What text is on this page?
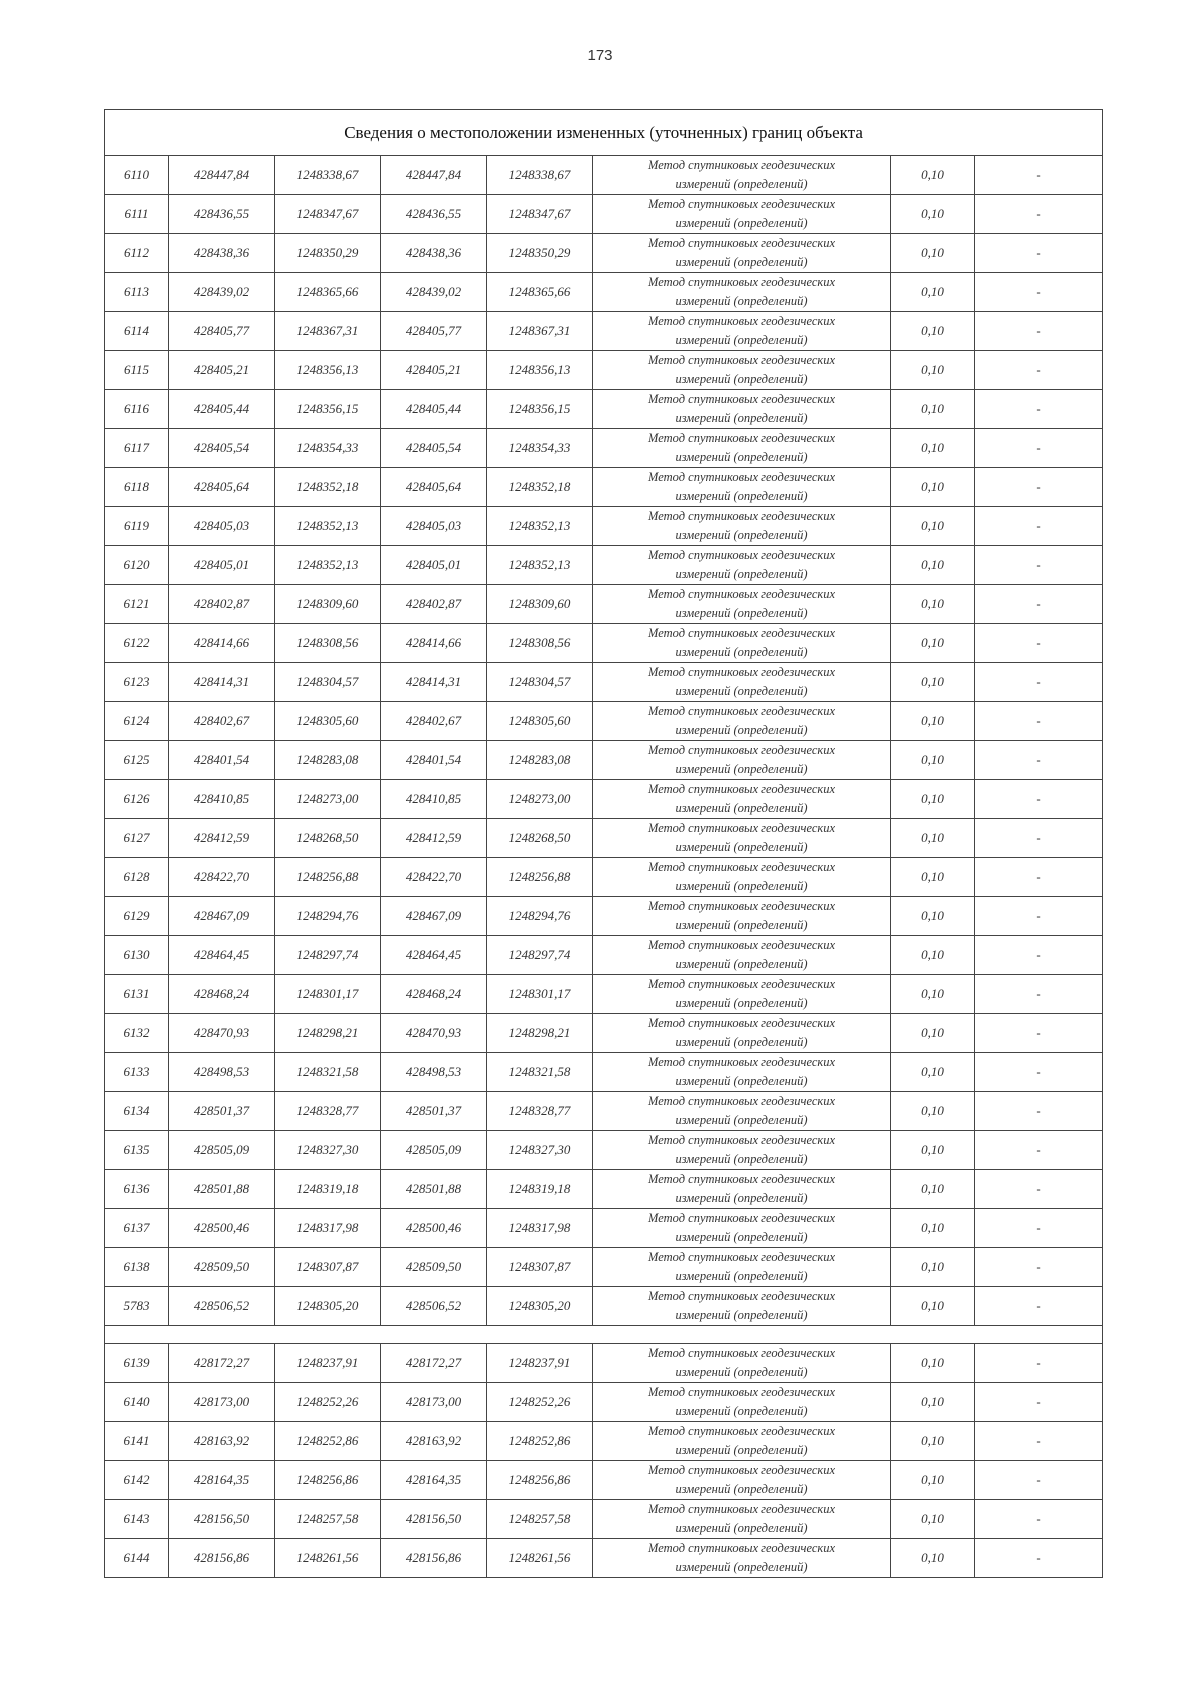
173
Сведения о местоположении измененных (уточненных) границ объекта							
6110	428447,84	1248338,67	428447,84	1248338,67	Метод спутниковых геодезических
измерений (определений)	0,10	-
6111	428436,55	1248347,67	428436,55	1248347,67	Метод спутниковых геодезических
измерений (определений)	0,10	-
6112	428438,36	1248350,29	428438,36	1248350,29	Метод спутниковых геодезических
измерений (определений)	0,10	-
6113	428439,02	1248365,66	428439,02	1248365,66	Метод спутниковых геодезических
измерений (определений)	0,10	-
6114	428405,77	1248367,31	428405,77	1248367,31	Метод спутниковых геодезических
измерений (определений)	0,10	-
6115	428405,21	1248356,13	428405,21	1248356,13	Метод спутниковых геодезических
измерений (определений)	0,10	-
6116	428405,44	1248356,15	428405,44	1248356,15	Метод спутниковых геодезических
измерений (определений)	0,10	-
6117	428405,54	1248354,33	428405,54	1248354,33	Метод спутниковых геодезических
измерений (определений)	0,10	-
6118	428405,64	1248352,18	428405,64	1248352,18	Метод спутниковых геодезических
измерений (определений)	0,10	-
6119	428405,03	1248352,13	428405,03	1248352,13	Метод спутниковых геодезических
измерений (определений)	0,10	-
6120	428405,01	1248352,13	428405,01	1248352,13	Метод спутниковых геодезических
измерений (определений)	0,10	-
6121	428402,87	1248309,60	428402,87	1248309,60	Метод спутниковых геодезических
измерений (определений)	0,10	-
6122	428414,66	1248308,56	428414,66	1248308,56	Метод спутниковых геодезических
измерений (определений)	0,10	-
6123	428414,31	1248304,57	428414,31	1248304,57	Метод спутниковых геодезических
измерений (определений)	0,10	-
6124	428402,67	1248305,60	428402,67	1248305,60	Метод спутниковых геодезических
измерений (определений)	0,10	-
6125	428401,54	1248283,08	428401,54	1248283,08	Метод спутниковых геодезических
измерений (определений)	0,10	-
6126	428410,85	1248273,00	428410,85	1248273,00	Метод спутниковых геодезических
измерений (определений)	0,10	-
6127	428412,59	1248268,50	428412,59	1248268,50	Метод спутниковых геодезических
измерений (определений)	0,10	-
6128	428422,70	1248256,88	428422,70	1248256,88	Метод спутниковых геодезических
измерений (определений)	0,10	-
6129	428467,09	1248294,76	428467,09	1248294,76	Метод спутниковых геодезических
измерений (определений)	0,10	-
6130	428464,45	1248297,74	428464,45	1248297,74	Метод спутниковых геодезических
измерений (определений)	0,10	-
6131	428468,24	1248301,17	428468,24	1248301,17	Метод спутниковых геодезических
измерений (определений)	0,10	-
6132	428470,93	1248298,21	428470,93	1248298,21	Метод спутниковых геодезических
измерений (определений)	0,10	-
6133	428498,53	1248321,58	428498,53	1248321,58	Метод спутниковых геодезических
измерений (определений)	0,10	-
6134	428501,37	1248328,77	428501,37	1248328,77	Метод спутниковых геодезических
измерений (определений)	0,10	-
6135	428505,09	1248327,30	428505,09	1248327,30	Метод спутниковых геодезических
измерений (определений)	0,10	-
6136	428501,88	1248319,18	428501,88	1248319,18	Метод спутниковых геодезических
измерений (определений)	0,10	-
6137	428500,46	1248317,98	428500,46	1248317,98	Метод спутниковых геодезических
измерений (определений)	0,10	-
6138	428509,50	1248307,87	428509,50	1248307,87	Метод спутниковых геодезических
измерений (определений)	0,10	-
5783	428506,52	1248305,20	428506,52	1248305,20	Метод спутниковых геодезических
измерений (определений)	0,10	-

6139	428172,27	1248237,91	428172,27	1248237,91	Метод спутниковых геодезических
измерений (определений)	0,10	-
6140	428173,00	1248252,26	428173,00	1248252,26	Метод спутниковых геодезических
измерений (определений)	0,10	-
6141	428163,92	1248252,86	428163,92	1248252,86	Метод спутниковых геодезических
измерений (определений)	0,10	-
6142	428164,35	1248256,86	428164,35	1248256,86	Метод спутниковых геодезических
измерений (определений)	0,10	-
6143	428156,50	1248257,58	428156,50	1248257,58	Метод спутниковых геодезических
измерений (определений)	0,10	-
6144	428156,86	1248261,56	428156,86	1248261,56	Метод спутниковых геодезических
измерений (определений)	0,10	-
